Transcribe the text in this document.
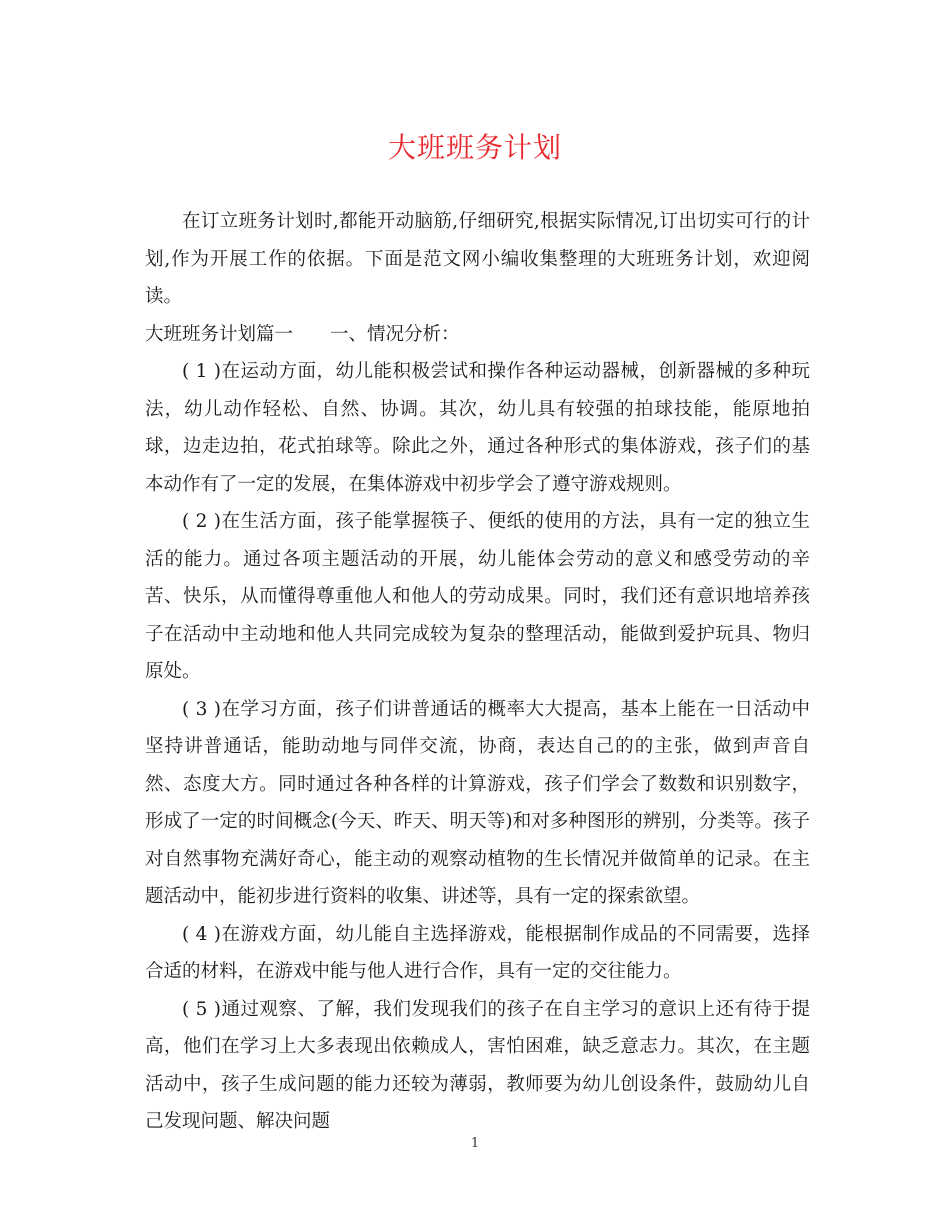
大班班务计划

在订立班务计划时,都能开动脑筋,仔细研究,根据实际情况,订出切实可行的计划,作为开展工作的依据。下面是范文网小编收集整理的大班班务计划，欢迎阅读。

大班班务计划篇一　　一、情况分析：

( 1 )在运动方面，幼儿能积极尝试和操作各种运动器械，创新器械的多种玩法，幼儿动作轻松、自然、协调。其次，幼儿具有较强的拍球技能，能原地拍球，边走边拍，花式拍球等。除此之外，通过各种形式的集体游戏，孩子们的基本动作有了一定的发展，在集体游戏中初步学会了遵守游戏规则。

( 2 )在生活方面，孩子能掌握筷子、便纸的使用的方法，具有一定的独立生活的能力。通过各项主题活动的开展，幼儿能体会劳动的意义和感受劳动的辛苦、快乐，从而懂得尊重他人和他人的劳动成果。同时，我们还有意识地培养孩子在活动中主动地和他人共同完成较为复杂的整理活动，能做到爱护玩具、物归原处。

( 3 )在学习方面，孩子们讲普通话的概率大大提高，基本上能在一日活动中坚持讲普通话，能助动地与同伴交流，协商，表达自己的的主张，做到声音自然、态度大方。同时通过各种各样的计算游戏，孩子们学会了数数和识别数字，形成了一定的时间概念(今天、昨天、明天等)和对多种图形的辨别，分类等。孩子对自然事物充满好奇心，能主动的观察动植物的生长情况并做简单的记录。在主题活动中，能初步进行资料的收集、讲述等，具有一定的探索欲望。

( 4 )在游戏方面，幼儿能自主选择游戏，能根据制作成品的不同需要，选择合适的材料，在游戏中能与他人进行合作，具有一定的交往能力。

( 5 )通过观察、了解，我们发现我们的孩子在自主学习的意识上还有待于提高，他们在学习上大多表现出依赖成人，害怕困难，缺乏意志力。其次，在主题活动中，孩子生成问题的能力还较为薄弱，教师要为幼儿创设条件，鼓励幼儿自己发现问题、解决问题

1
